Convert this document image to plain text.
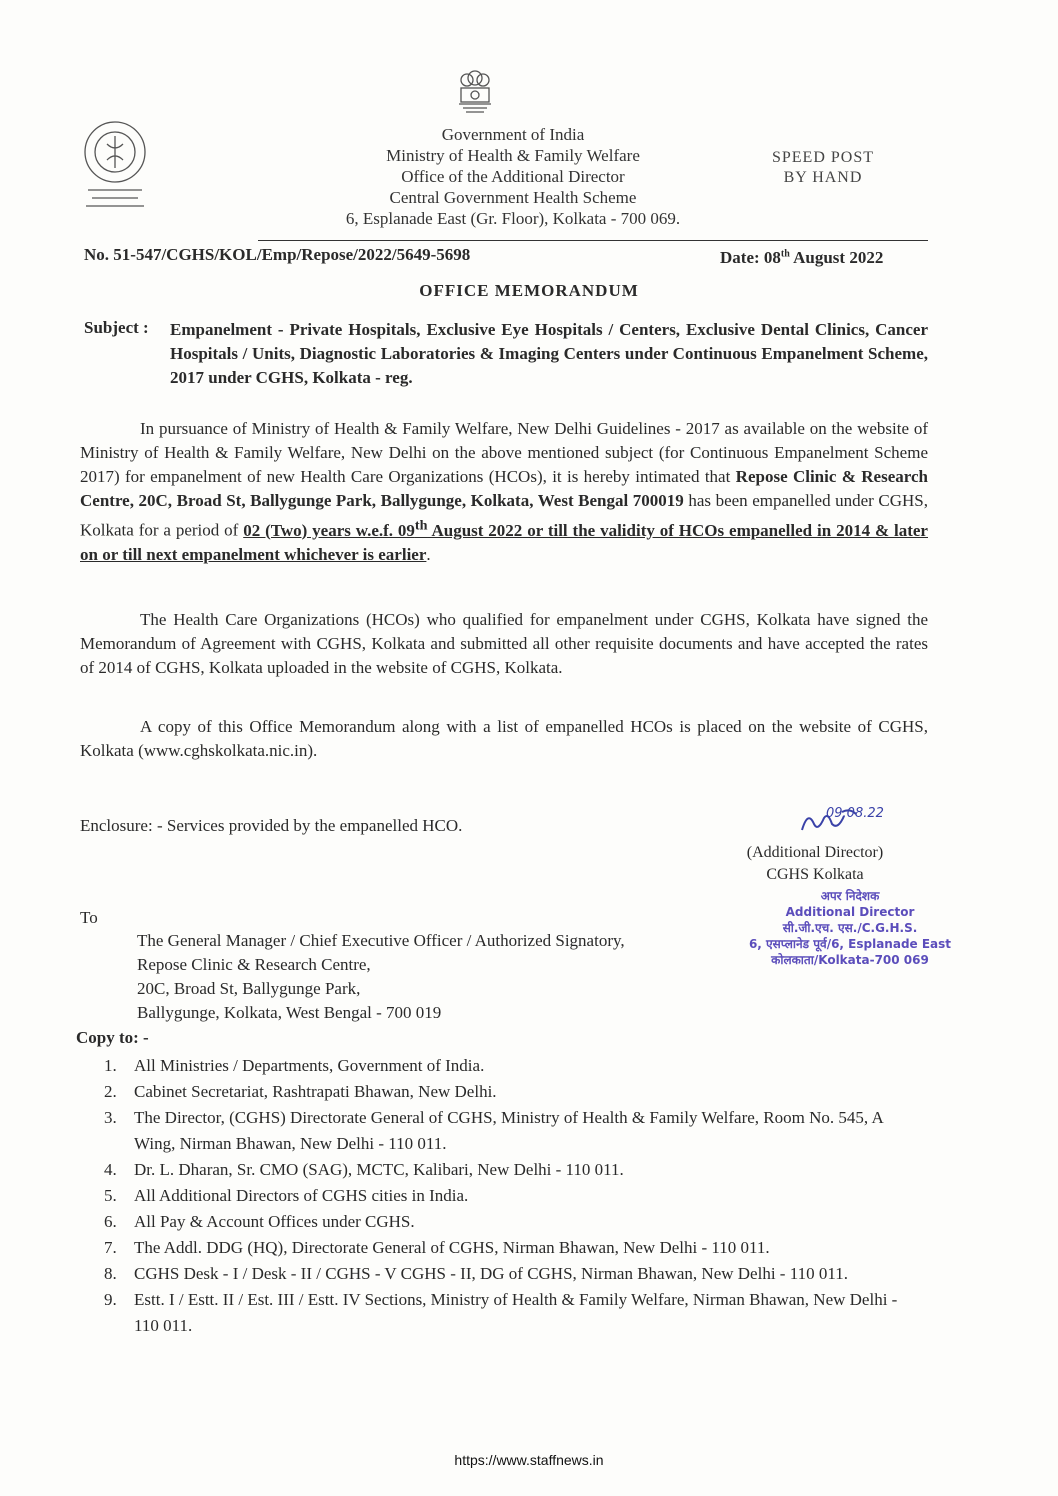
Government of India
Ministry of Health & Family Welfare
Office of the Additional Director
Central Government Health Scheme
6, Esplanade East (Gr. Floor), Kolkata - 700 069.
SPEED POST
BY HAND
No. 51-547/CGHS/KOL/Emp/Repose/2022/5649-5698	Date: 08th August 2022
OFFICE MEMORANDUM
Subject : Empanelment - Private Hospitals, Exclusive Eye Hospitals / Centers, Exclusive Dental Clinics, Cancer Hospitals / Units, Diagnostic Laboratories & Imaging Centers under Continuous Empanelment Scheme, 2017 under CGHS, Kolkata - reg.
In pursuance of Ministry of Health & Family Welfare, New Delhi Guidelines - 2017 as available on the website of Ministry of Health & Family Welfare, New Delhi on the above mentioned subject (for Continuous Empanelment Scheme 2017) for empanelment of new Health Care Organizations (HCOs), it is hereby intimated that Repose Clinic & Research Centre, 20C, Broad St, Ballygunge Park, Ballygunge, Kolkata, West Bengal 700019 has been empanelled under CGHS, Kolkata for a period of 02 (Two) years w.e.f. 09th August 2022 or till the validity of HCOs empanelled in 2014 & later on or till next empanelment whichever is earlier.
The Health Care Organizations (HCOs) who qualified for empanelment under CGHS, Kolkata have signed the Memorandum of Agreement with CGHS, Kolkata and submitted all other requisite documents and have accepted the rates of 2014 of CGHS, Kolkata uploaded in the website of CGHS, Kolkata.
A copy of this Office Memorandum along with a list of empanelled HCOs is placed on the website of CGHS, Kolkata (www.cghskolkata.nic.in).
Enclosure: - Services provided by the empanelled HCO.
09.08.22
(Additional Director)
CGHS Kolkata
अपर निदेशक
Additional Director
सी.जी.एच. एस./C.G.H.S.
6, एसप्लानेड पूर्व/6, Esplanade East
कोलकाता/Kolkata-700 069
To
The General Manager / Chief Executive Officer / Authorized Signatory,
Repose Clinic & Research Centre,
20C, Broad St, Ballygunge Park,
Ballygunge, Kolkata, West Bengal - 700 019
Copy to: -
1.	All Ministries / Departments, Government of India.
2.	Cabinet Secretariat, Rashtrapati Bhawan, New Delhi.
3.	The Director, (CGHS) Directorate General of CGHS, Ministry of Health & Family Welfare, Room No. 545, A Wing, Nirman Bhawan, New Delhi - 110 011.
4.	Dr. L. Dharan, Sr. CMO (SAG), MCTC, Kalibari, New Delhi - 110 011.
5.	All Additional Directors of CGHS cities in India.
6.	All Pay & Account Offices under CGHS.
7.	The Addl. DDG (HQ), Directorate General of CGHS, Nirman Bhawan, New Delhi - 110 011.
8.	CGHS Desk - I / Desk - II / CGHS - V CGHS - II, DG of CGHS, Nirman Bhawan, New Delhi - 110 011.
9.	Estt. I / Estt. II / Est. III / Estt. IV Sections, Ministry of Health & Family Welfare, Nirman Bhawan, New Delhi - 110 011.
https://www.staffnews.in
